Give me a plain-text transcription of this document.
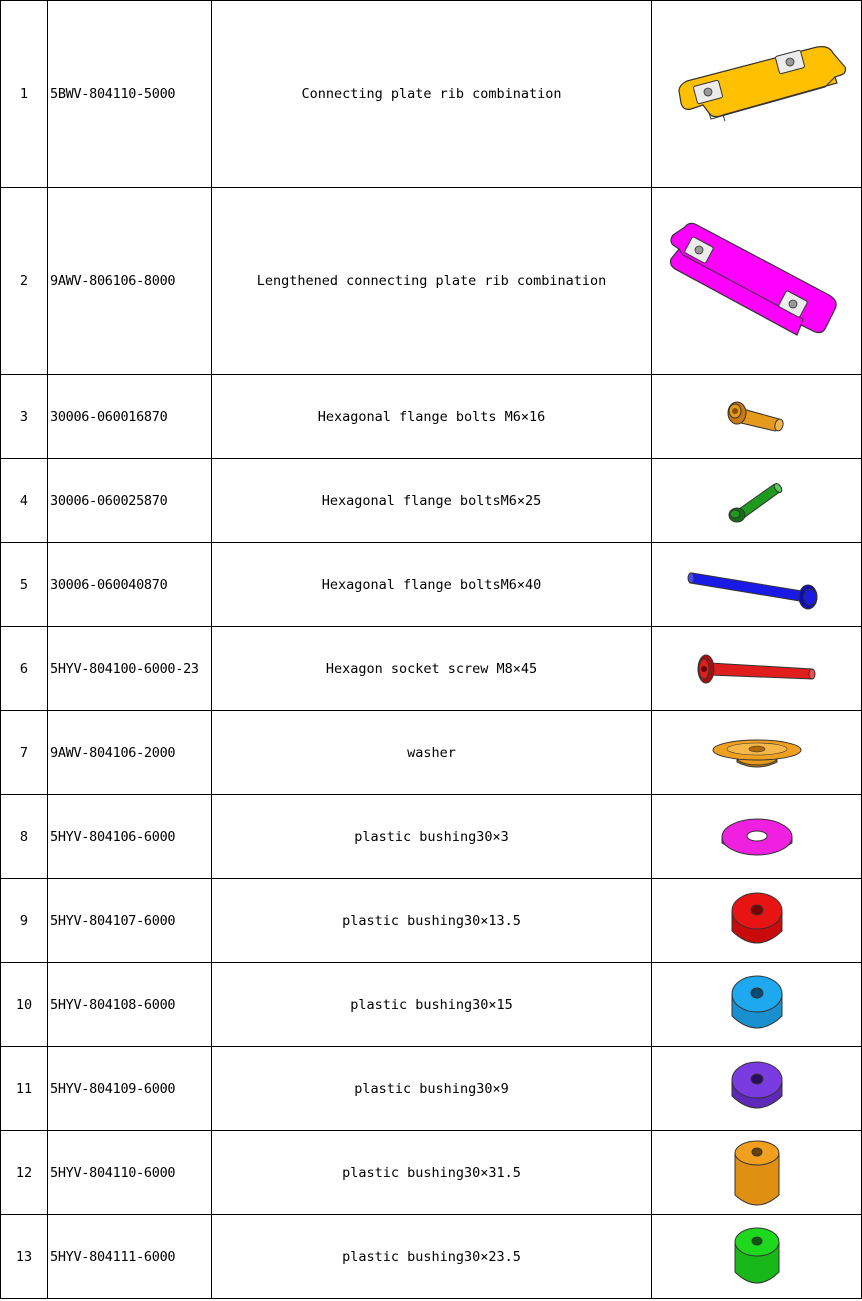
1	5BWV-804110-5000	Connecting plate rib combination	

2	9AWV-806106-8000	Lengthened connecting plate rib combination	

3	30006-060016870	Hexagonal flange bolts M6×16	

4	30006-060025870	Hexagonal flange boltsM6×25	

5	30006-060040870	Hexagonal flange boltsM6×40	

6	5HYV-804100-6000-23	Hexagon socket screw M8×45	

7	9AWV-804106-2000	washer	

8	5HYV-804106-6000	plastic bushing30×3	

9	5HYV-804107-6000	plastic bushing30×13.5	

10	5HYV-804108-6000	plastic bushing30×15	

11	5HYV-804109-6000	plastic bushing30×9	

12	5HYV-804110-6000	plastic bushing30×31.5	

13	5HYV-804111-6000	plastic bushing30×23.5	
